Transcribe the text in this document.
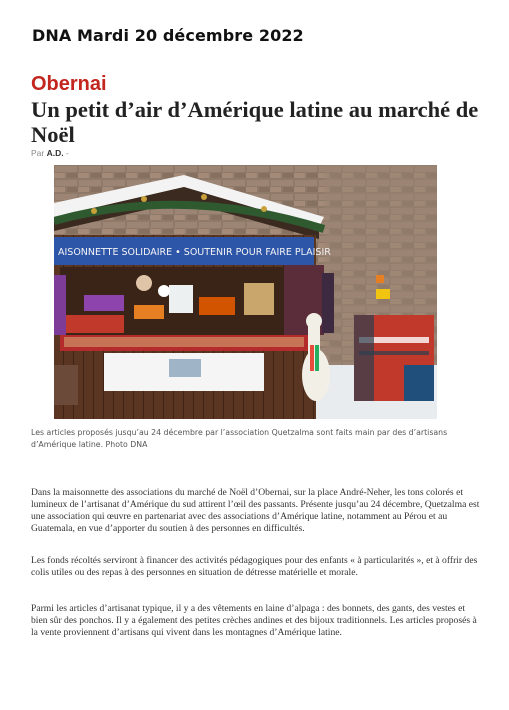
DNA Mardi 20 décembre 2022
Obernai
Un petit d’air d’Amérique latine au marché de Noël
Par A.D. -
AISONNETTE SOLIDAIRE • SOUTENIR POUR FAIRE PLAISIR
Les articles proposés jusqu’au 24 décembre par l’association Quetzalma sont faits main par des d’artisans d’Amérique latine. Photo DNA

Dans la maisonnette des associations du marché de Noël d’Obernai, sur la place André-Neher, les tons colorés et lumineux de l’artisanat d’Amérique du sud attirent l’œil des passants. Présente jusqu’au 24 décembre, Quetzalma est une association qui œuvre en partenariat avec des associations d’Amérique latine, notamment au Pérou et au Guatemala, en vue d’apporter du soutien à des personnes en difficultés.

Les fonds récoltés serviront à financer des activités pédagogiques pour des enfants « à particularités », et à offrir des colis utiles ou des repas à des personnes en situation de détresse matérielle et morale.

Parmi les articles d’artisanat typique, il y a des vêtements en laine d’alpaga : des bonnets, des gants, des vestes et bien sûr des ponchos. Il y a également des petites crèches andines et des bijoux traditionnels. Les articles proposés à la vente proviennent d’artisans qui vivent dans les montagnes d’Amérique latine.
